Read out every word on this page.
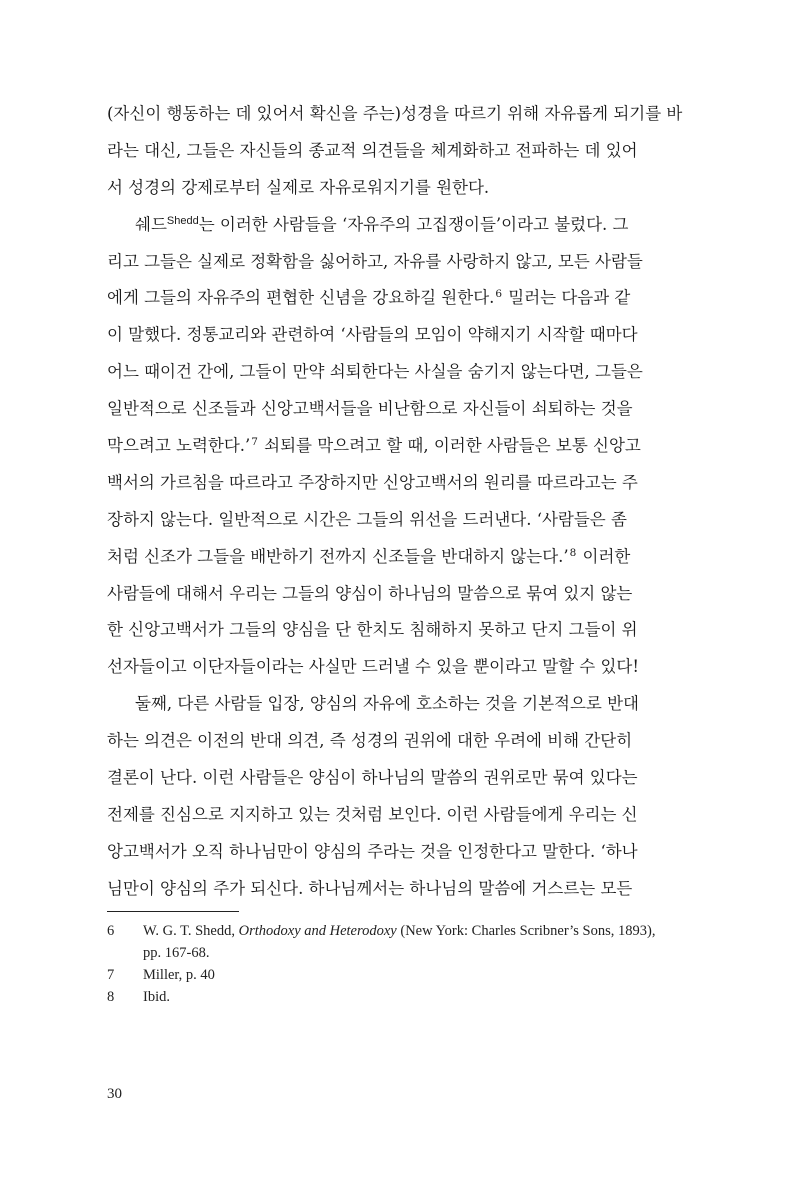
(자신이 행동하는 데 있어서 확신을 주는)성경을 따르기 위해 자유롭게 되기를 바
라는 대신, 그들은 자신들의 종교적 의견들을 체계화하고 전파하는 데 있어
서 성경의 강제로부터 실제로 자유로워지기를 원한다.
쉐드$^{Shedd}$는 이러한 사람들을 ‘자유주의 고집쟁이들’이라고 불렀다. 그
리고 그들은 실제로 정확함을 싫어하고, 자유를 사랑하지 않고, 모든 사람들
에게 그들의 자유주의 편협한 신념을 강요하길 원한다.$^6$ 밀러는 다음과 같
이 말했다. 정통교리와 관련하여 ‘사람들의 모임이 약해지기 시작할 때마다
어느 때이건 간에, 그들이 만약 쇠퇴한다는 사실을 숨기지 않는다면, 그들은
일반적으로 신조들과 신앙고백서들을 비난함으로 자신들이 쇠퇴하는 것을
막으려고 노력한다.’$^7$ 쇠퇴를 막으려고 할 때, 이러한 사람들은 보통 신앙고
백서의 가르침을 따르라고 주장하지만 신앙고백서의 원리를 따르라고는 주
장하지 않는다. 일반적으로 시간은 그들의 위선을 드러낸다. ‘사람들은 좀
처럼 신조가 그들을 배반하기 전까지 신조들을 반대하지 않는다.’$^8$ 이러한
사람들에 대해서 우리는 그들의 양심이 하나님의 말씀으로 묶여 있지 않는
한 신앙고백서가 그들의 양심을 단 한치도 침해하지 못하고 단지 그들이 위
선자들이고 이단자들이라는 사실만 드러낼 수 있을 뿐이라고 말할 수 있다!
둘째, 다른 사람들 입장, 양심의 자유에 호소하는 것을 기본적으로 반대
하는 의견은 이전의 반대 의견, 즉 성경의 권위에 대한 우려에 비해 간단히
결론이 난다. 이런 사람들은 양심이 하나님의 말씀의 권위로만 묶여 있다는
전제를 진심으로 지지하고 있는 것처럼 보인다. 이런 사람들에게 우리는 신
앙고백서가 오직 하나님만이 양심의 주라는 것을 인정한다고 말한다. ‘하나
님만이 양심의 주가 되신다. 하나님께서는 하나님의 말씀에 거스르는 모든
6	W. G. T. Shedd, Orthodoxy and Heterodoxy (New York: Charles Scribner’s Sons, 1893),
pp. 167-68.
7	Miller, p. 40
8	Ibid.
30
